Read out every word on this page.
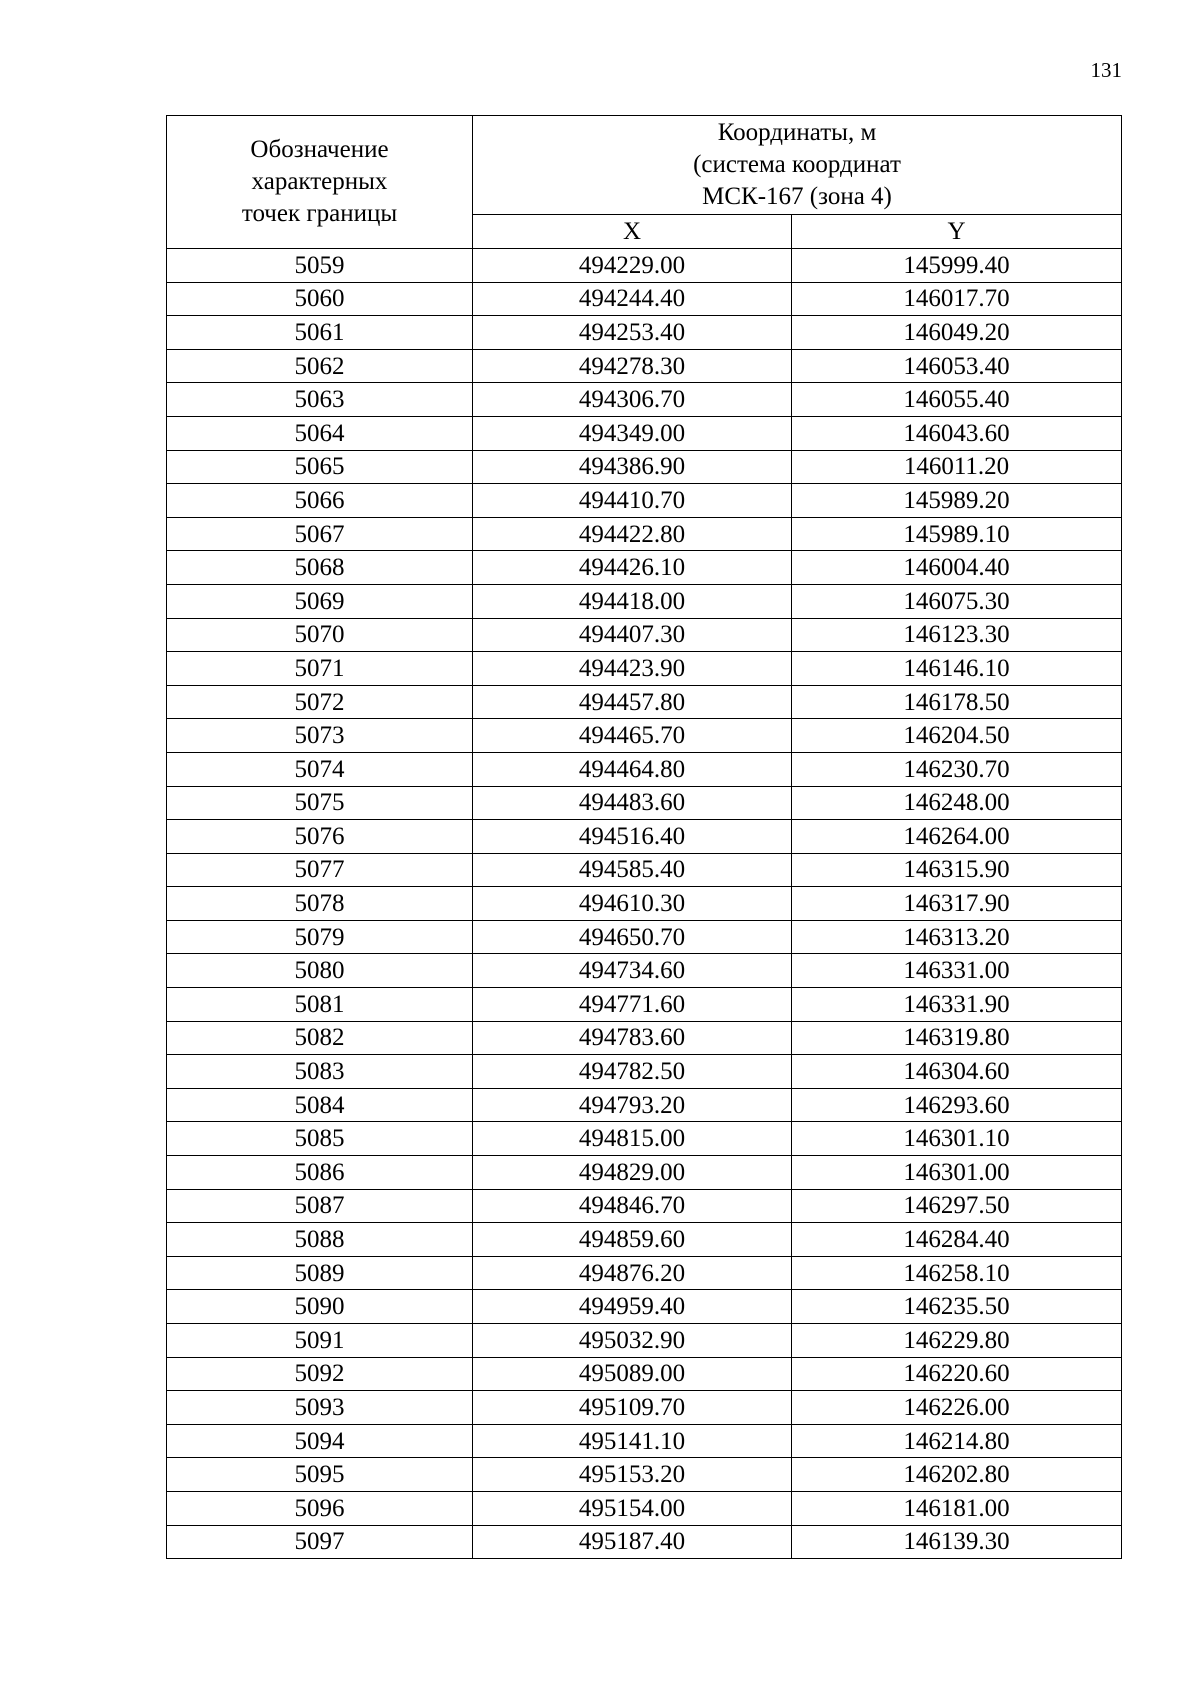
131
Обозначение
характерных
точек границы	Координаты, м
(система координат
МСК-167 (зона 4)	

	X	Y
5059	494229.00	145999.40
5060	494244.40	146017.70
5061	494253.40	146049.20
5062	494278.30	146053.40
5063	494306.70	146055.40
5064	494349.00	146043.60
5065	494386.90	146011.20
5066	494410.70	145989.20
5067	494422.80	145989.10
5068	494426.10	146004.40
5069	494418.00	146075.30
5070	494407.30	146123.30
5071	494423.90	146146.10
5072	494457.80	146178.50
5073	494465.70	146204.50
5074	494464.80	146230.70
5075	494483.60	146248.00
5076	494516.40	146264.00
5077	494585.40	146315.90
5078	494610.30	146317.90
5079	494650.70	146313.20
5080	494734.60	146331.00
5081	494771.60	146331.90
5082	494783.60	146319.80
5083	494782.50	146304.60
5084	494793.20	146293.60
5085	494815.00	146301.10
5086	494829.00	146301.00
5087	494846.70	146297.50
5088	494859.60	146284.40
5089	494876.20	146258.10
5090	494959.40	146235.50
5091	495032.90	146229.80
5092	495089.00	146220.60
5093	495109.70	146226.00
5094	495141.10	146214.80
5095	495153.20	146202.80
5096	495154.00	146181.00
5097	495187.40	146139.30
